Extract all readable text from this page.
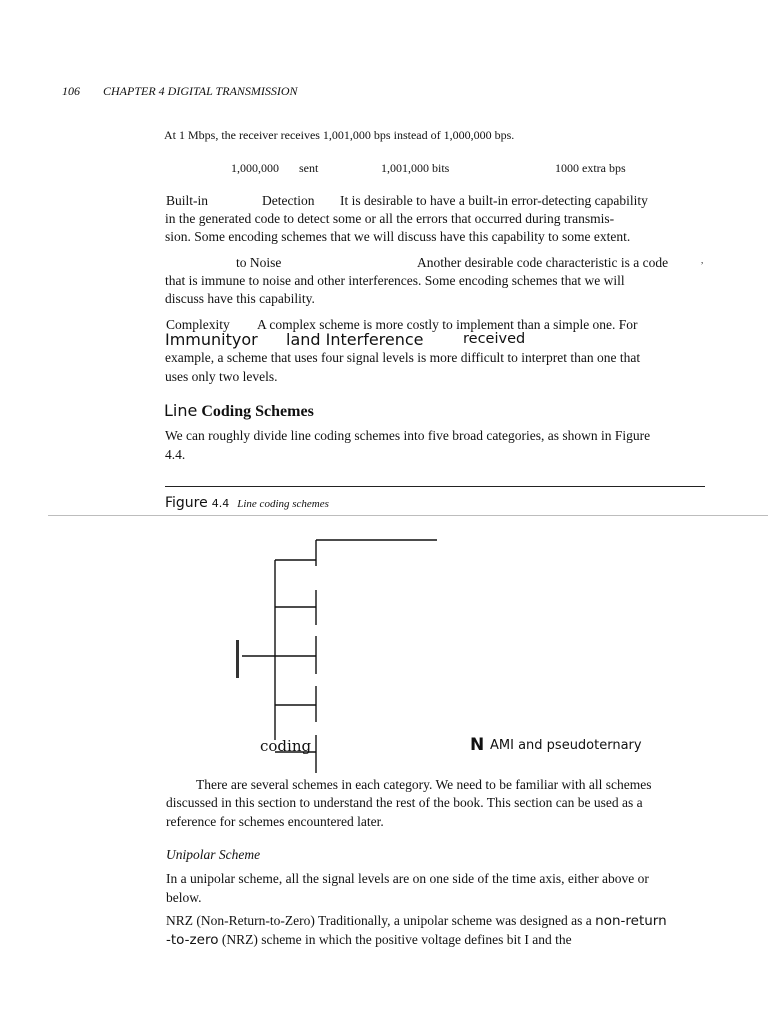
106 CHAPTER 4 DIGITAL TRANSMISSION
At 1 Mbps, the receiver receives 1,001,000 bps instead of 1,000,000 bps.
1,000,000 sent	1,001,000 bits	1000 extra bps
Built-in	Detection It is desirable to have a built-in error-detecting capability
in the generated code to detect some or all the errors that occurred during transmis-
sion. Some encoding schemes that we will discuss have this capability to some extent.
to Noise	Another desirable code characteristic is a code	,
that is immune to noise and other interferences. Some encoding schemes that we will
discuss have this capability.
Complexity A complex scheme is more costly to implement than a simple one. For
Immunityor land Interference	received
example, a scheme that uses four signal levels is more difficult to interpret than one that
uses only two levels.
Line Coding Schemes
We can roughly divide line coding schemes into five broad categories, as shown in Figure
4.4.
Figure 4.4 Line coding schemes
coding	N AMI and pseudoternary
There are several schemes in each category. We need to be familiar with all schemes
discussed in this section to understand the rest of the book. This section can be used as a
reference for schemes encountered later.
Unipolar Scheme
In a unipolar scheme, all the signal levels are on one side of the time axis, either above or
below.
NRZ (Non-Return-to-Zero) Traditionally, a unipolar scheme was designed as a non-return
-to-zero (NRZ) scheme in which the positive voltage defines bit I and the
